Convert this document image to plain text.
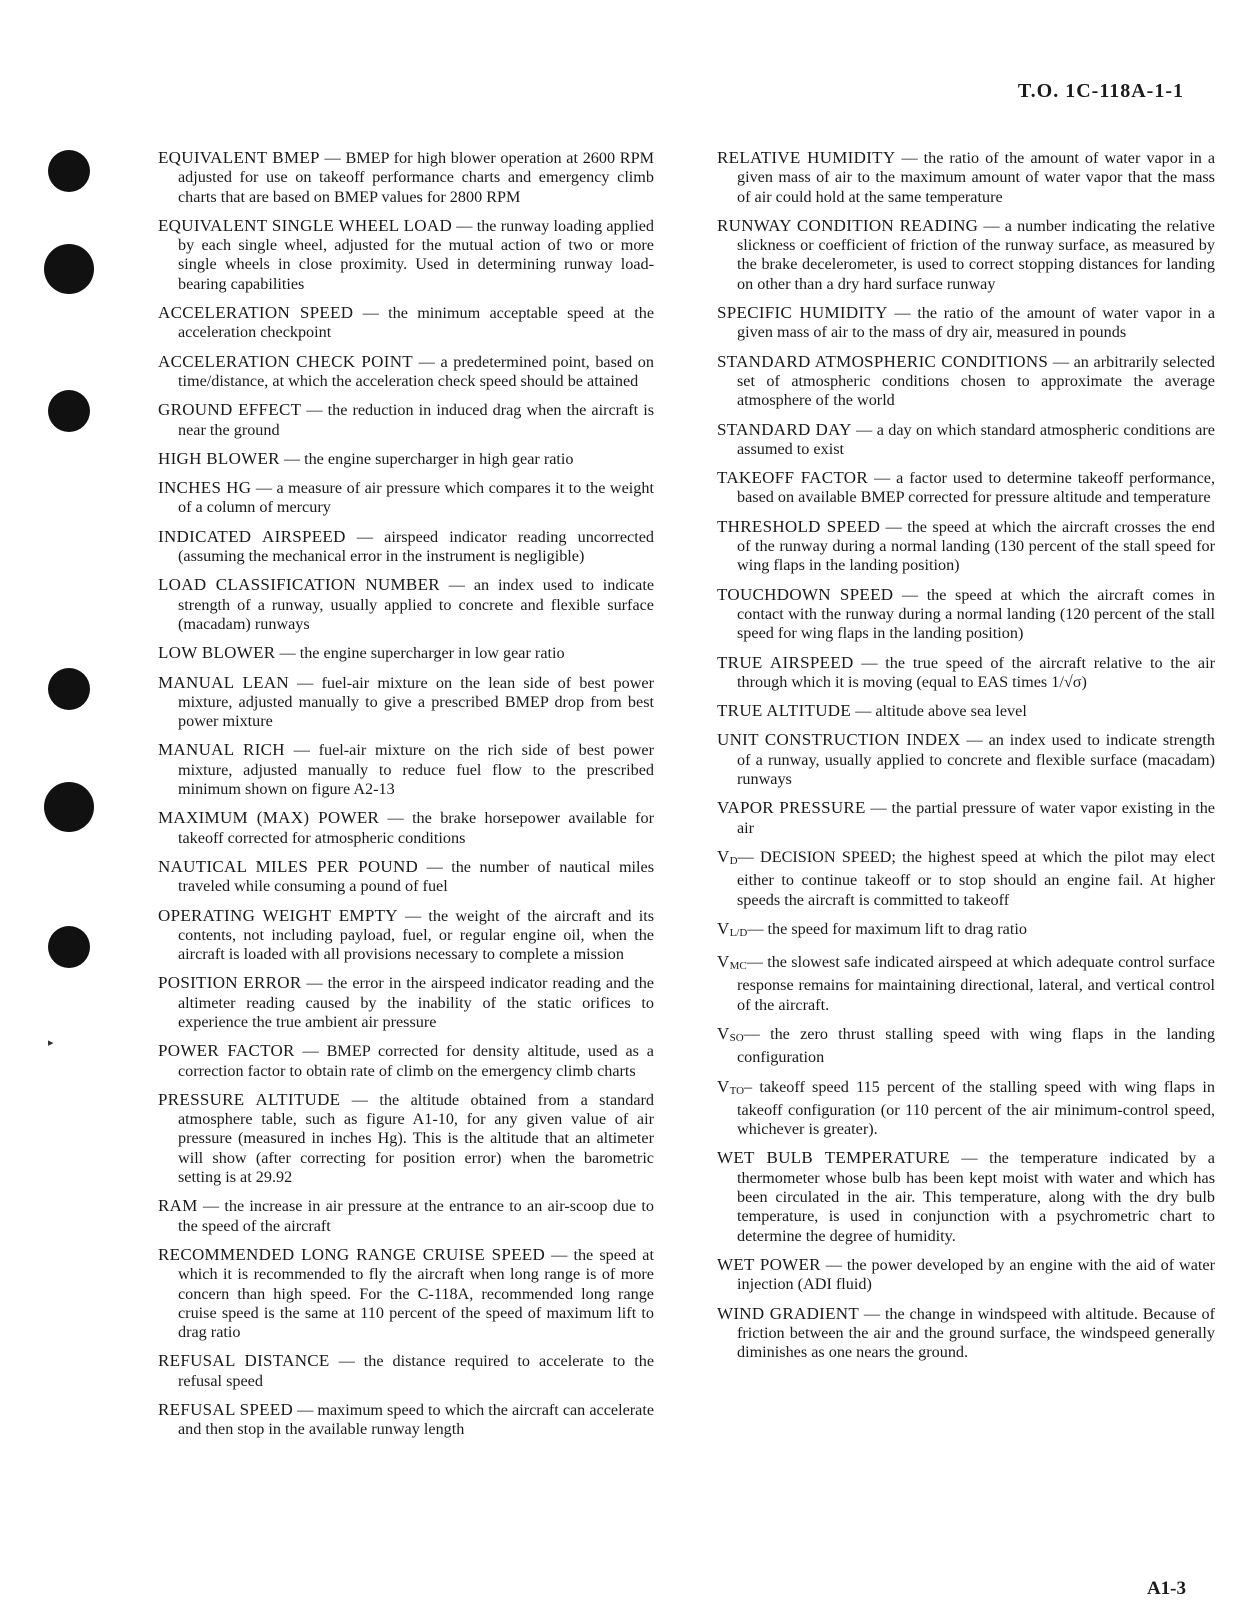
▸
T.O. 1C-118A-1-1

EQUIVALENT BMEP — BMEP for high blower operation at 2600 RPM adjusted for use on takeoff performance charts and emergency climb charts that are based on BMEP values for 2800 RPM

EQUIVALENT SINGLE WHEEL LOAD — the runway loading applied by each single wheel, adjusted for the mutual action of two or more single wheels in close proximity. Used in determining runway load-bearing capabilities

ACCELERATION SPEED — the minimum acceptable speed at the acceleration checkpoint

ACCELERATION CHECK POINT — a predetermined point, based on time/distance, at which the acceleration check speed should be attained

GROUND EFFECT — the reduction in induced drag when the aircraft is near the ground

HIGH BLOWER — the engine supercharger in high gear ratio

INCHES HG — a measure of air pressure which compares it to the weight of a column of mercury

INDICATED AIRSPEED — airspeed indicator reading uncorrected (assuming the mechanical error in the instrument is negligible)

LOAD CLASSIFICATION NUMBER — an index used to indicate strength of a runway, usually applied to concrete and flexible surface (macadam) runways

LOW BLOWER — the engine supercharger in low gear ratio

MANUAL LEAN — fuel-air mixture on the lean side of best power mixture, adjusted manually to give a prescribed BMEP drop from best power mixture

MANUAL RICH — fuel-air mixture on the rich side of best power mixture, adjusted manually to reduce fuel flow to the prescribed minimum shown on figure A2-13

MAXIMUM (MAX) POWER — the brake horsepower available for takeoff corrected for atmospheric conditions

NAUTICAL MILES PER POUND — the number of nautical miles traveled while consuming a pound of fuel

OPERATING WEIGHT EMPTY — the weight of the aircraft and its contents, not including payload, fuel, or regular engine oil, when the aircraft is loaded with all provisions necessary to complete a mission

POSITION ERROR — the error in the airspeed indicator reading and the altimeter reading caused by the inability of the static orifices to experience the true ambient air pressure

POWER FACTOR — BMEP corrected for density altitude, used as a correction factor to obtain rate of climb on the emergency climb charts

PRESSURE ALTITUDE — the altitude obtained from a standard atmosphere table, such as figure A1-10, for any given value of air pressure (measured in inches Hg). This is the altitude that an altimeter will show (after correcting for position error) when the barometric setting is at 29.92

RAM — the increase in air pressure at the entrance to an air-scoop due to the speed of the aircraft

RECOMMENDED LONG RANGE CRUISE SPEED — the speed at which it is recommended to fly the aircraft when long range is of more concern than high speed. For the C-118A, recommended long range cruise speed is the same at 110 percent of the speed of maximum lift to drag ratio

REFUSAL DISTANCE — the distance required to accelerate to the refusal speed

REFUSAL SPEED — maximum speed to which the aircraft can accelerate and then stop in the available runway length

RELATIVE HUMIDITY — the ratio of the amount of water vapor in a given mass of air to the maximum amount of water vapor that the mass of air could hold at the same temperature

RUNWAY CONDITION READING — a number indicating the relative slickness or coefficient of friction of the runway surface, as measured by the brake decelerometer, is used to correct stopping distances for landing on other than a dry hard surface runway

SPECIFIC HUMIDITY — the ratio of the amount of water vapor in a given mass of air to the mass of dry air, measured in pounds

STANDARD ATMOSPHERIC CONDITIONS — an arbitrarily selected set of atmospheric conditions chosen to approximate the average atmosphere of the world

STANDARD DAY — a day on which standard atmospheric conditions are assumed to exist

TAKEOFF FACTOR — a factor used to determine takeoff performance, based on available BMEP corrected for pressure altitude and temperature

THRESHOLD SPEED — the speed at which the aircraft crosses the end of the runway during a normal landing (130 percent of the stall speed for wing flaps in the landing position)

TOUCHDOWN SPEED — the speed at which the aircraft comes in contact with the runway during a normal landing (120 percent of the stall speed for wing flaps in the landing position)

TRUE AIRSPEED — the true speed of the aircraft relative to the air through which it is moving (equal to EAS times 1/√σ)

TRUE ALTITUDE — altitude above sea level

UNIT CONSTRUCTION INDEX — an index used to indicate strength of a runway, usually applied to concrete and flexible surface (macadam) runways

VAPOR PRESSURE — the partial pressure of water vapor existing in the air

VD— DECISION SPEED; the highest speed at which the pilot may elect either to continue takeoff or to stop should an engine fail. At higher speeds the aircraft is committed to takeoff

VL/D— the speed for maximum lift to drag ratio

VMC— the slowest safe indicated airspeed at which adequate control surface response remains for maintaining directional, lateral, and vertical control of the aircraft.

VSO— the zero thrust stalling speed with wing flaps in the landing configuration

VTO– takeoff speed 115 percent of the stalling speed with wing flaps in takeoff configuration (or 110 percent of the air minimum-control speed, whichever is greater).

WET BULB TEMPERATURE — the temperature indicated by a thermometer whose bulb has been kept moist with water and which has been circulated in the air. This temperature, along with the dry bulb temperature, is used in conjunction with a psychrometric chart to determine the degree of humidity.

WET POWER — the power developed by an engine with the aid of water injection (ADI fluid)

WIND GRADIENT — the change in windspeed with altitude. Because of friction between the air and the ground surface, the windspeed generally diminishes as one nears the ground.

A1-3
